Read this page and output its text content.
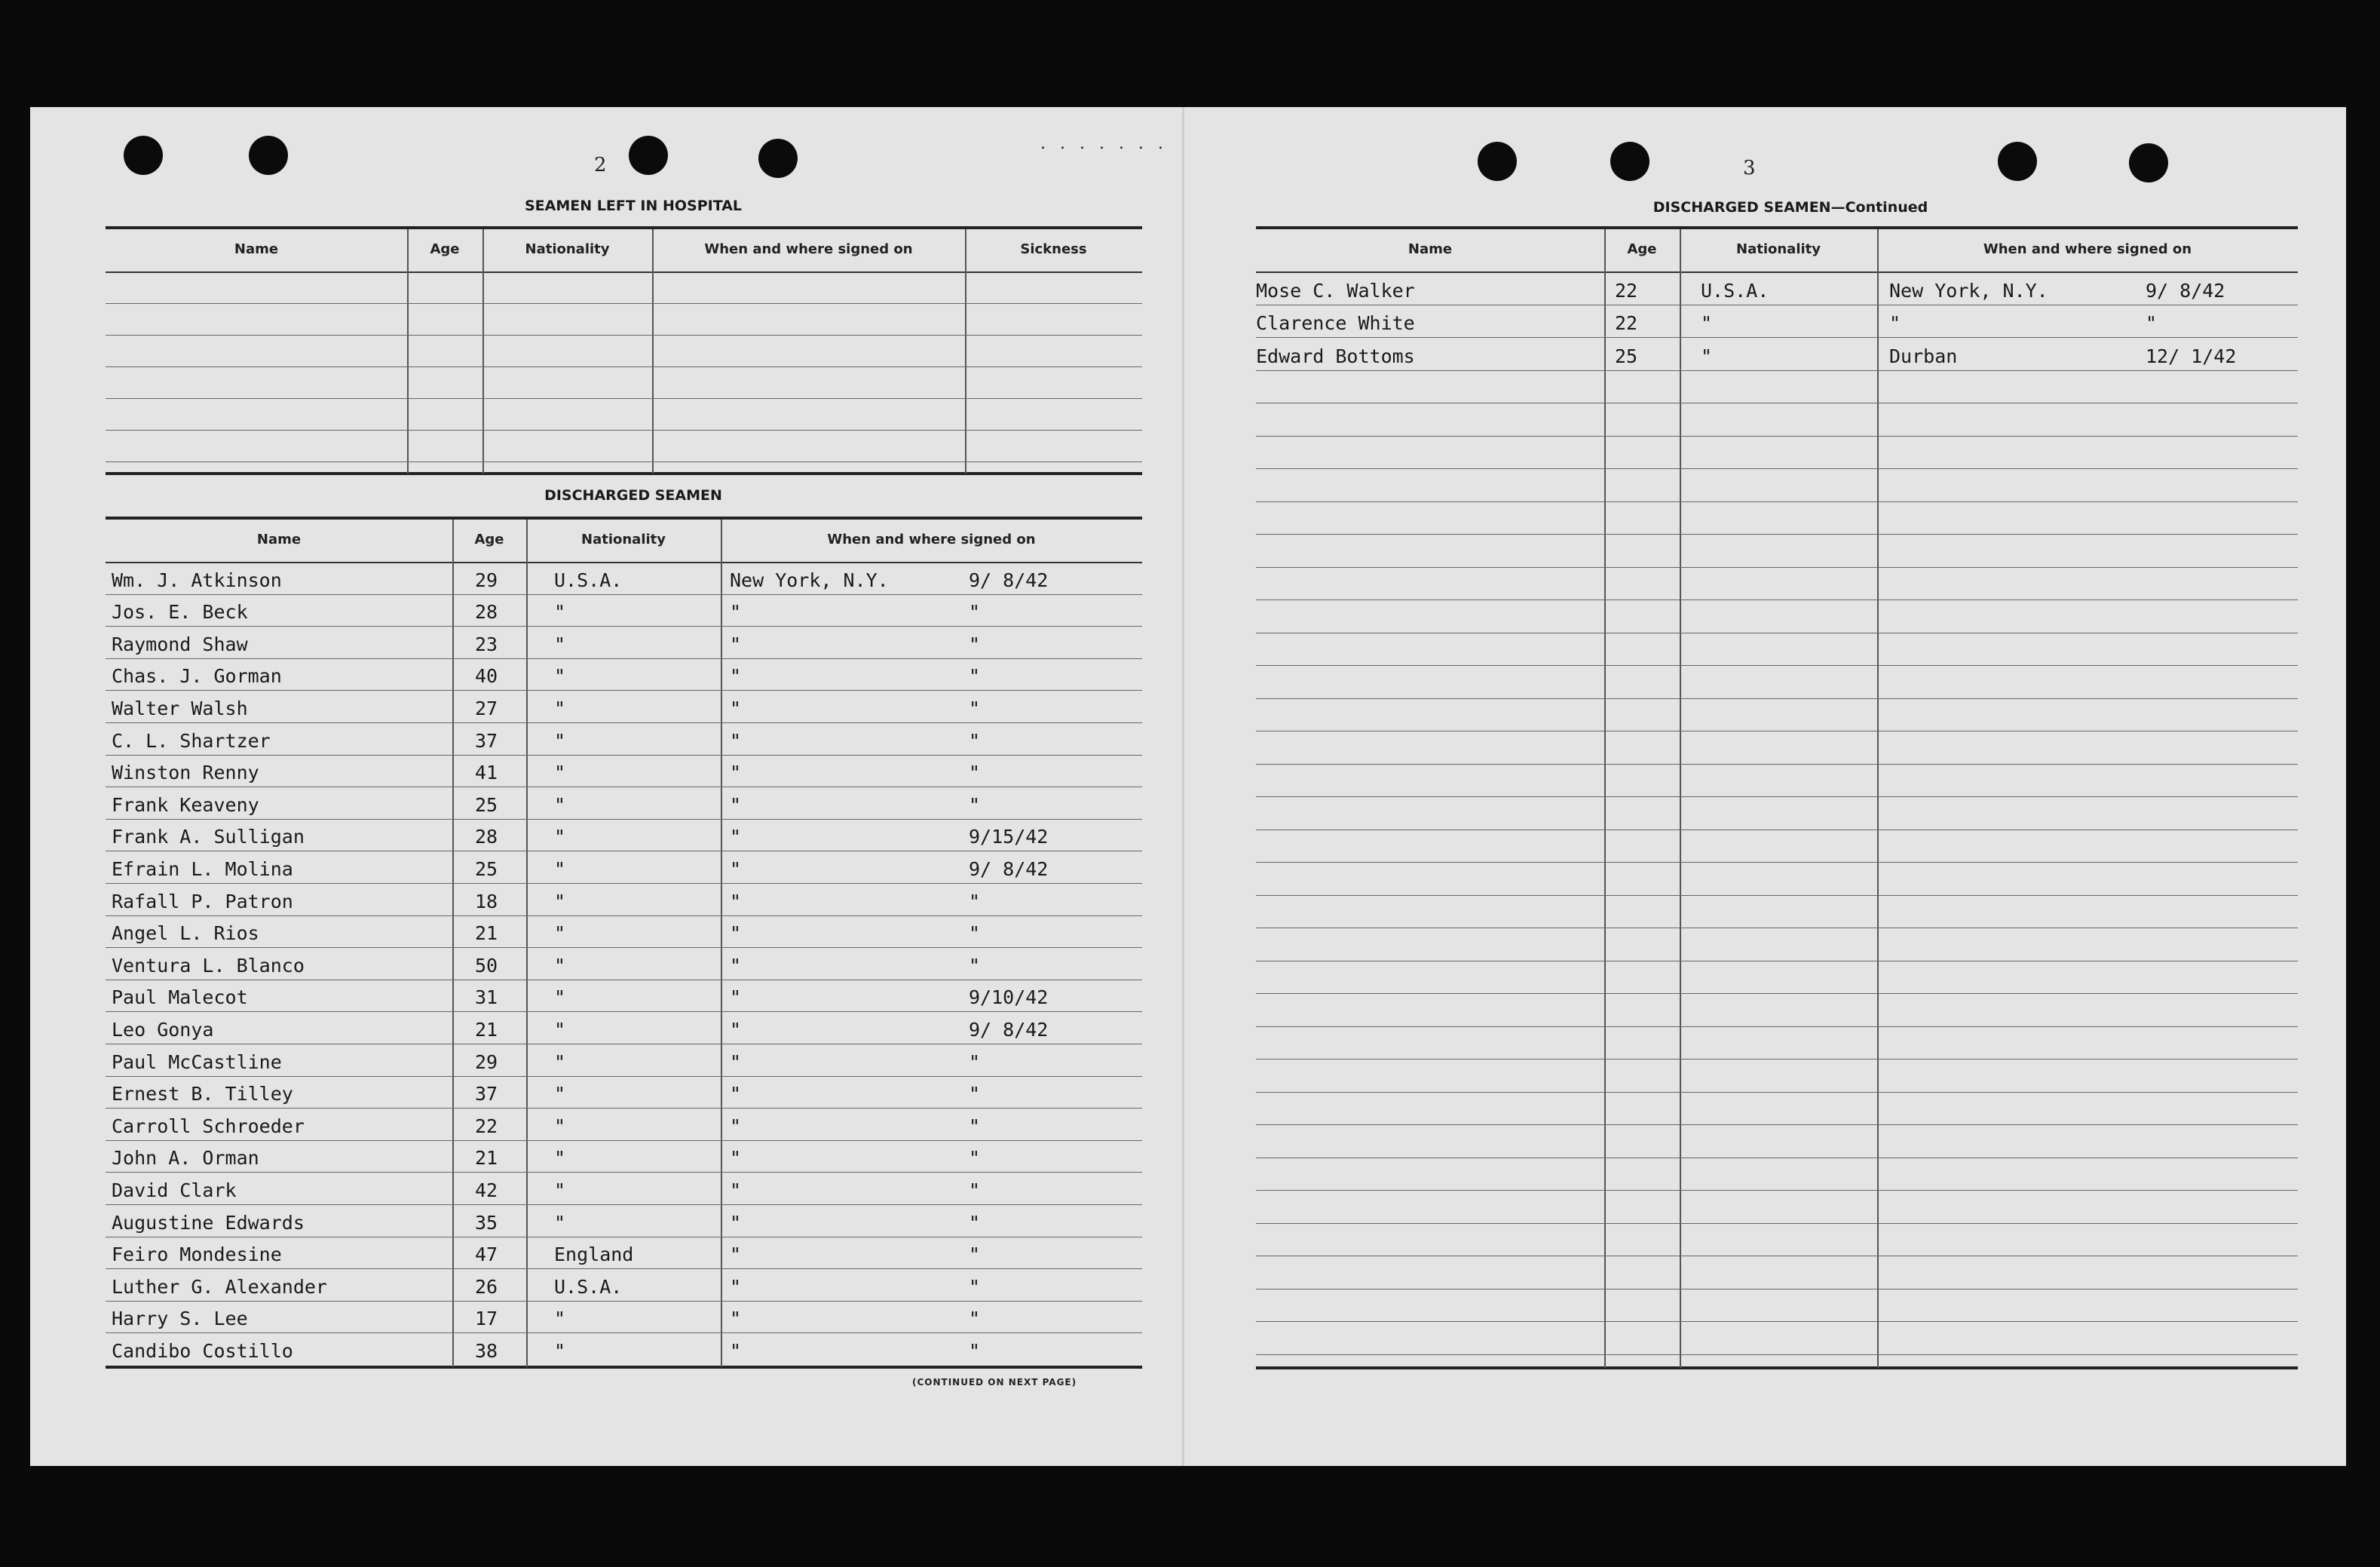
. . . . . . .
2
SEAMEN LEFT IN HOSPITAL
Name	Age	Nationality	When and where signed on	Sickness
DISCHARGED SEAMEN
Name	Age	Nationality	When and where signed on
Wm. J. Atkinson	29	U.S.A.	New York, N.Y.	9/ 8/42
Jos. E. Beck	28	"	"	"
Raymond Shaw	23	"	"	"
Chas. J. Gorman	40	"	"	"
Walter Walsh	27	"	"	"
C. L. Shartzer	37	"	"	"
Winston Renny	41	"	"	"
Frank Keaveny	25	"	"	"
Frank A. Sulligan	28	"	"	9/15/42
Efrain L. Molina	25	"	"	9/ 8/42
Rafall P. Patron	18	"	"	"
Angel L. Rios	21	"	"	"
Ventura L. Blanco	50	"	"	"
Paul Malecot	31	"	"	9/10/42
Leo Gonya	21	"	"	9/ 8/42
Paul McCastline	29	"	"	"
Ernest B. Tilley	37	"	"	"
Carroll Schroeder	22	"	"	"
John A. Orman	21	"	"	"
David Clark	42	"	"	"
Augustine Edwards	35	"	"	"
Feiro Mondesine	47	England	"	"
Luther G. Alexander	26	U.S.A.	"	"
Harry S. Lee	17	"	"	"
Candibo Costillo	38	"	"	"
(CONTINUED ON NEXT PAGE)
3
DISCHARGED SEAMEN—Continued
Name	Age	Nationality	When and where signed on
Mose C. Walker	22	U.S.A.	New York, N.Y.	9/ 8/42
Clarence White	22	"	"	"
Edward Bottoms	25	"	Durban	12/ 1/42
